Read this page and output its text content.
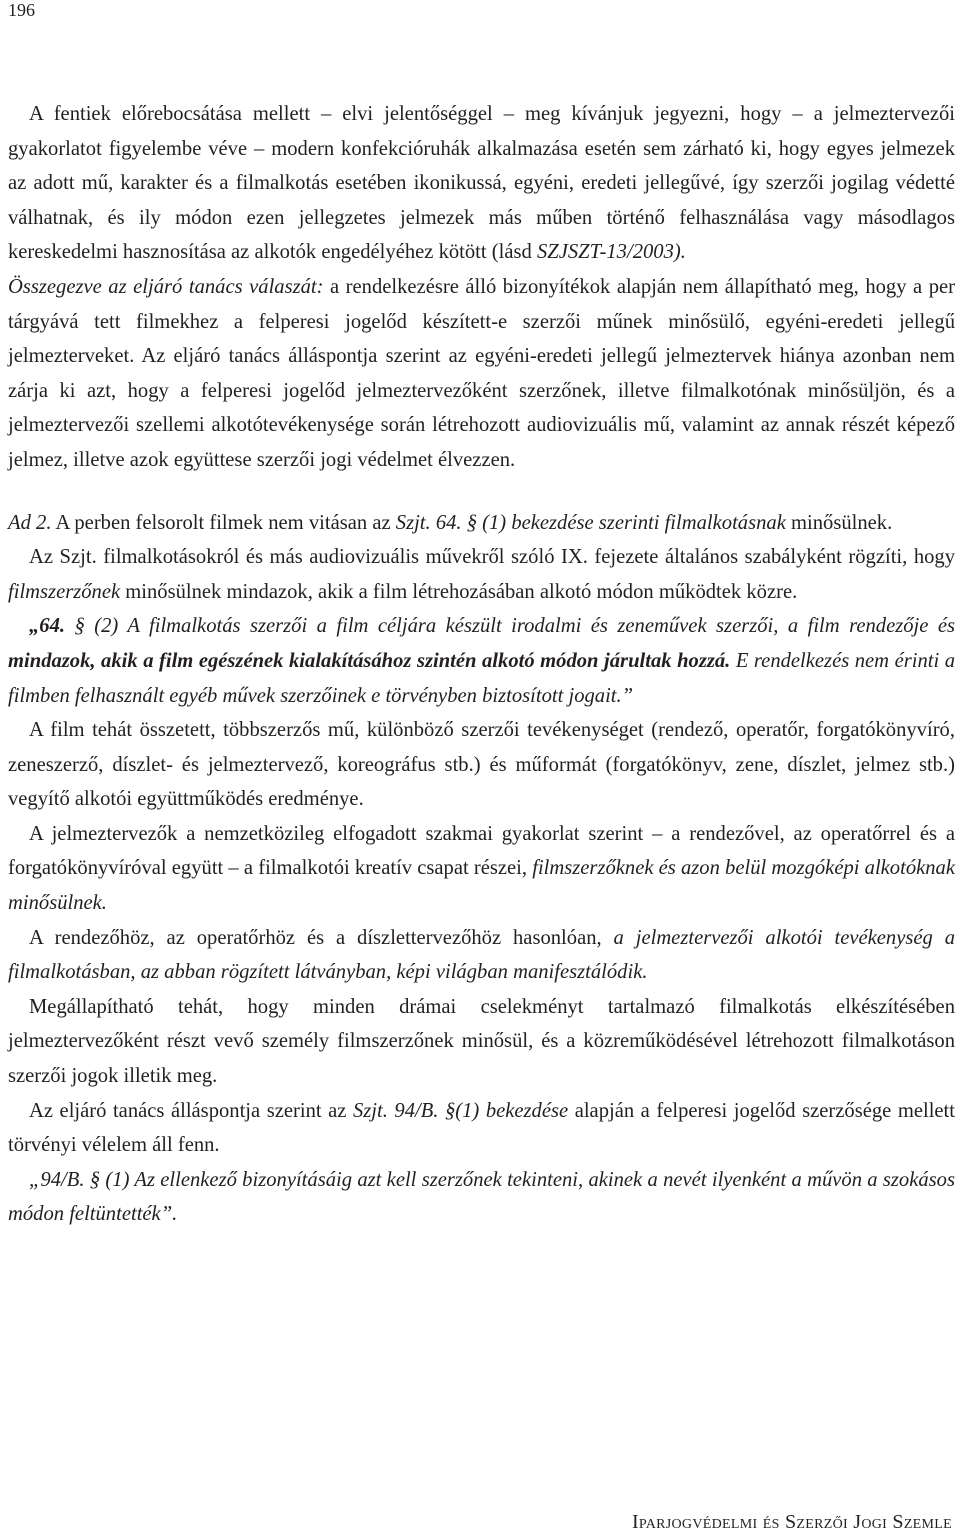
196

A fentiek előrebocsátása mellett – elvi jelentőséggel – meg kívánjuk jegyezni, hogy – a jelmeztervezői gyakorlatot figyelembe véve – modern konfekcióruhák alkalmazása esetén sem zárható ki, hogy egyes jelmezek az adott mű, karakter és a filmalkotás esetében ikonikussá, egyéni, eredeti jellegűvé, így szerzői jogilag védetté válhatnak, és ily módon ezen jellegzetes jelmezek más műben történő felhasználása vagy másodlagos kereskedelmi hasznosítása az alkotók engedélyéhez kötött (lásd SZJSZT-13/2003).

Összegezve az eljáró tanács válaszát: a rendelkezésre álló bizonyítékok alapján nem állapítható meg, hogy a per tárgyává tett filmekhez a felperesi jogelőd készített-e szerzői műnek minősülő, egyéni-eredeti jellegű jelmezterveket. Az eljáró tanács álláspontja szerint az egyéni-eredeti jellegű jelmeztervek hiánya azonban nem zárja ki azt, hogy a felperesi jogelőd jelmeztervezőként szerzőnek, illetve filmalkotónak minősüljön, és a jelmeztervezői szellemi alkotótevékenysége során létrehozott audiovizuális mű, valamint az annak részét képező jelmez, illetve azok együttese szerzői jogi védelmet élvezzen.

Ad 2. A perben felsorolt filmek nem vitásan az Szjt. 64. § (1) bekezdése szerinti filmalkotásnak minősülnek.

Az Szjt. filmalkotásokról és más audiovizuális művekről szóló IX. fejezete általános szabályként rögzíti, hogy filmszerzőnek minősülnek mindazok, akik a film létrehozásában alkotó módon működtek közre.

„64. § (2) A filmalkotás szerzői a film céljára készült irodalmi és zeneművek szerzői, a film rendezője és mindazok, akik a film egészének kialakításához szintén alkotó módon járultak hozzá. E rendelkezés nem érinti a filmben felhasznált egyéb művek szerzőinek e törvényben biztosított jogait.”

A film tehát összetett, többszerzős mű, különböző szerzői tevékenységet (rendező, operatőr, forgatókönyvíró, zeneszerző, díszlet- és jelmeztervező, koreográfus stb.) és műformát (forgatókönyv, zene, díszlet, jelmez stb.) vegyítő alkotói együttműködés eredménye.

A jelmeztervezők a nemzetközileg elfogadott szakmai gyakorlat szerint – a rendezővel, az operatőrrel és a forgatókönyvíróval együtt – a filmalkotói kreatív csapat részei, filmszerzőknek és azon belül mozgóképi alkotóknak minősülnek.

A rendezőhöz, az operatőrhöz és a díszlettervezőhöz hasonlóan, a jelmeztervezői alkotói tevékenység a filmalkotásban, az abban rögzített látványban, képi világban manifesztálódik.

Megállapítható tehát, hogy minden drámai cselekményt tartalmazó filmalkotás elkészítésében jelmeztervezőként részt vevő személy filmszerzőnek minősül, és a közreműködésével létrehozott filmalkotáson szerzői jogok illetik meg.

Az eljáró tanács álláspontja szerint az Szjt. 94/B. §(1) bekezdése alapján a felperesi jogelőd szerzősége mellett törvényi vélelem áll fenn.

„94/B. § (1) Az ellenkező bizonyításáig azt kell szerzőnek tekinteni, akinek a nevét ilyenként a művön a szokásos módon feltüntették”.

Iparjogvédelmi és Szerzői Jogi Szemle
